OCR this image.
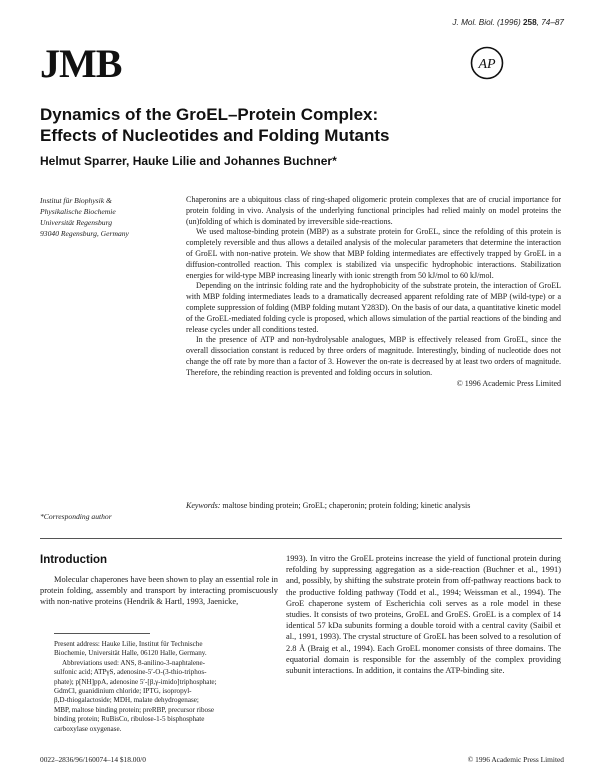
J. Mol. Biol. (1996) 258, 74–87
JMB	AP
Dynamics of the GroEL–Protein Complex:
Effects of Nucleotides and Folding Mutants
Helmut Sparrer, Hauke Lilie and Johannes Buchner*
Institut für Biophysik &
Physikalische Biochemie
Universität Regensburg
93040 Regensburg, Germany
*Corresponding author

Chaperonins are a ubiquitous class of ring-shaped oligomeric protein complexes that are of crucial importance for protein folding in vivo. Analysis of the underlying functional principles had relied mainly on model proteins the (un)folding of which is dominated by irreversible side-reactions.

We used maltose-binding protein (MBP) as a substrate protein for GroEL, since the refolding of this protein is completely reversible and thus allows a detailed analysis of the molecular parameters that determine the interaction of GroEL with non-native protein. We show that MBP folding intermediates are effectively trapped by GroEL in a diffusion-controlled reaction. This complex is stabilized via unspecific hydrophobic interactions. Stabilization energies for wild-type MBP increasing linearly with ionic strength from 50 kJ/mol to 60 kJ/mol.

Depending on the intrinsic folding rate and the hydrophobicity of the substrate protein, the interaction of GroEL with MBP folding intermediates leads to a dramatically decreased apparent refolding rate of MBP (wild-type) or a complete suppression of folding (MBP folding mutant Y283D). On the basis of our data, a quantitative kinetic model of the GroEL-mediated folding cycle is proposed, which allows simulation of the partial reactions of the binding and release cycles under all conditions tested.

In the presence of ATP and non-hydrolysable analogues, MBP is effectively released from GroEL, since the overall dissociation constant is reduced by three orders of magnitude. Interestingly, binding of nucleotide does not change the off rate by more than a factor of 3. However the on-rate is decreased by at least two orders of magnitude. Therefore, the rebinding reaction is prevented and folding occurs in solution.

© 1996 Academic Press Limited
Keywords: maltose binding protein; GroEL; chaperonin; protein folding; kinetic analysis
Introduction

Molecular chaperones have been shown to play an essential role in protein folding, assembly and transport by interacting promiscuously with non-native proteins (Hendrik & Hartl, 1993, Jaenicke,

Present address: Hauke Lilie, Institut für Technische
Biochemie, Universität Halle, 06120 Halle, Germany.
Abbreviations used: ANS, 8-anilino-3-naphtalene-
sulfonic acid; ATPγS, adenosine-5′-O-(3-thio-triphos-
phate); p[NH]ppA, adenosine 5′-[β,γ-imido]triphosphate;
GdmCl, guanidinium chloride; IPTG, isopropyl-
β,D-thiogalactoside; MDH, malate dehydrogenase;
MBP, maltose binding protein; preRBP, precursor ribose
binding protein; RuBisCo, ribulose-1-5 bisphosphate
carboxylase oxygenase.

1993). In vitro the GroEL proteins increase the yield of functional protein during refolding by suppressing aggregation as a side-reaction (Buchner et al., 1991) and, possibly, by shifting the substrate protein from off-pathway reactions back to the productive folding pathway (Todd et al., 1994; Weissman et al., 1994). The GroE chaperone system of Escherichia coli serves as a role model in these studies. It consists of two proteins, GroEL and GroES. GroEL is a complex of 14 identical 57 kDa subunits forming a double toroid with a central cavity (Saibil et al., 1991, 1993). The crystal structure of GroEL has been solved to a resolution of 2.8 Å (Braig et al., 1994). Each GroEL monomer consists of three domains. The equatorial domain is responsible for the assembly of the complex providing subunit interactions. In addition, it contains the ATP-binding site.

0022–2836/96/160074–14 $18.00/0	© 1996 Academic Press Limited
